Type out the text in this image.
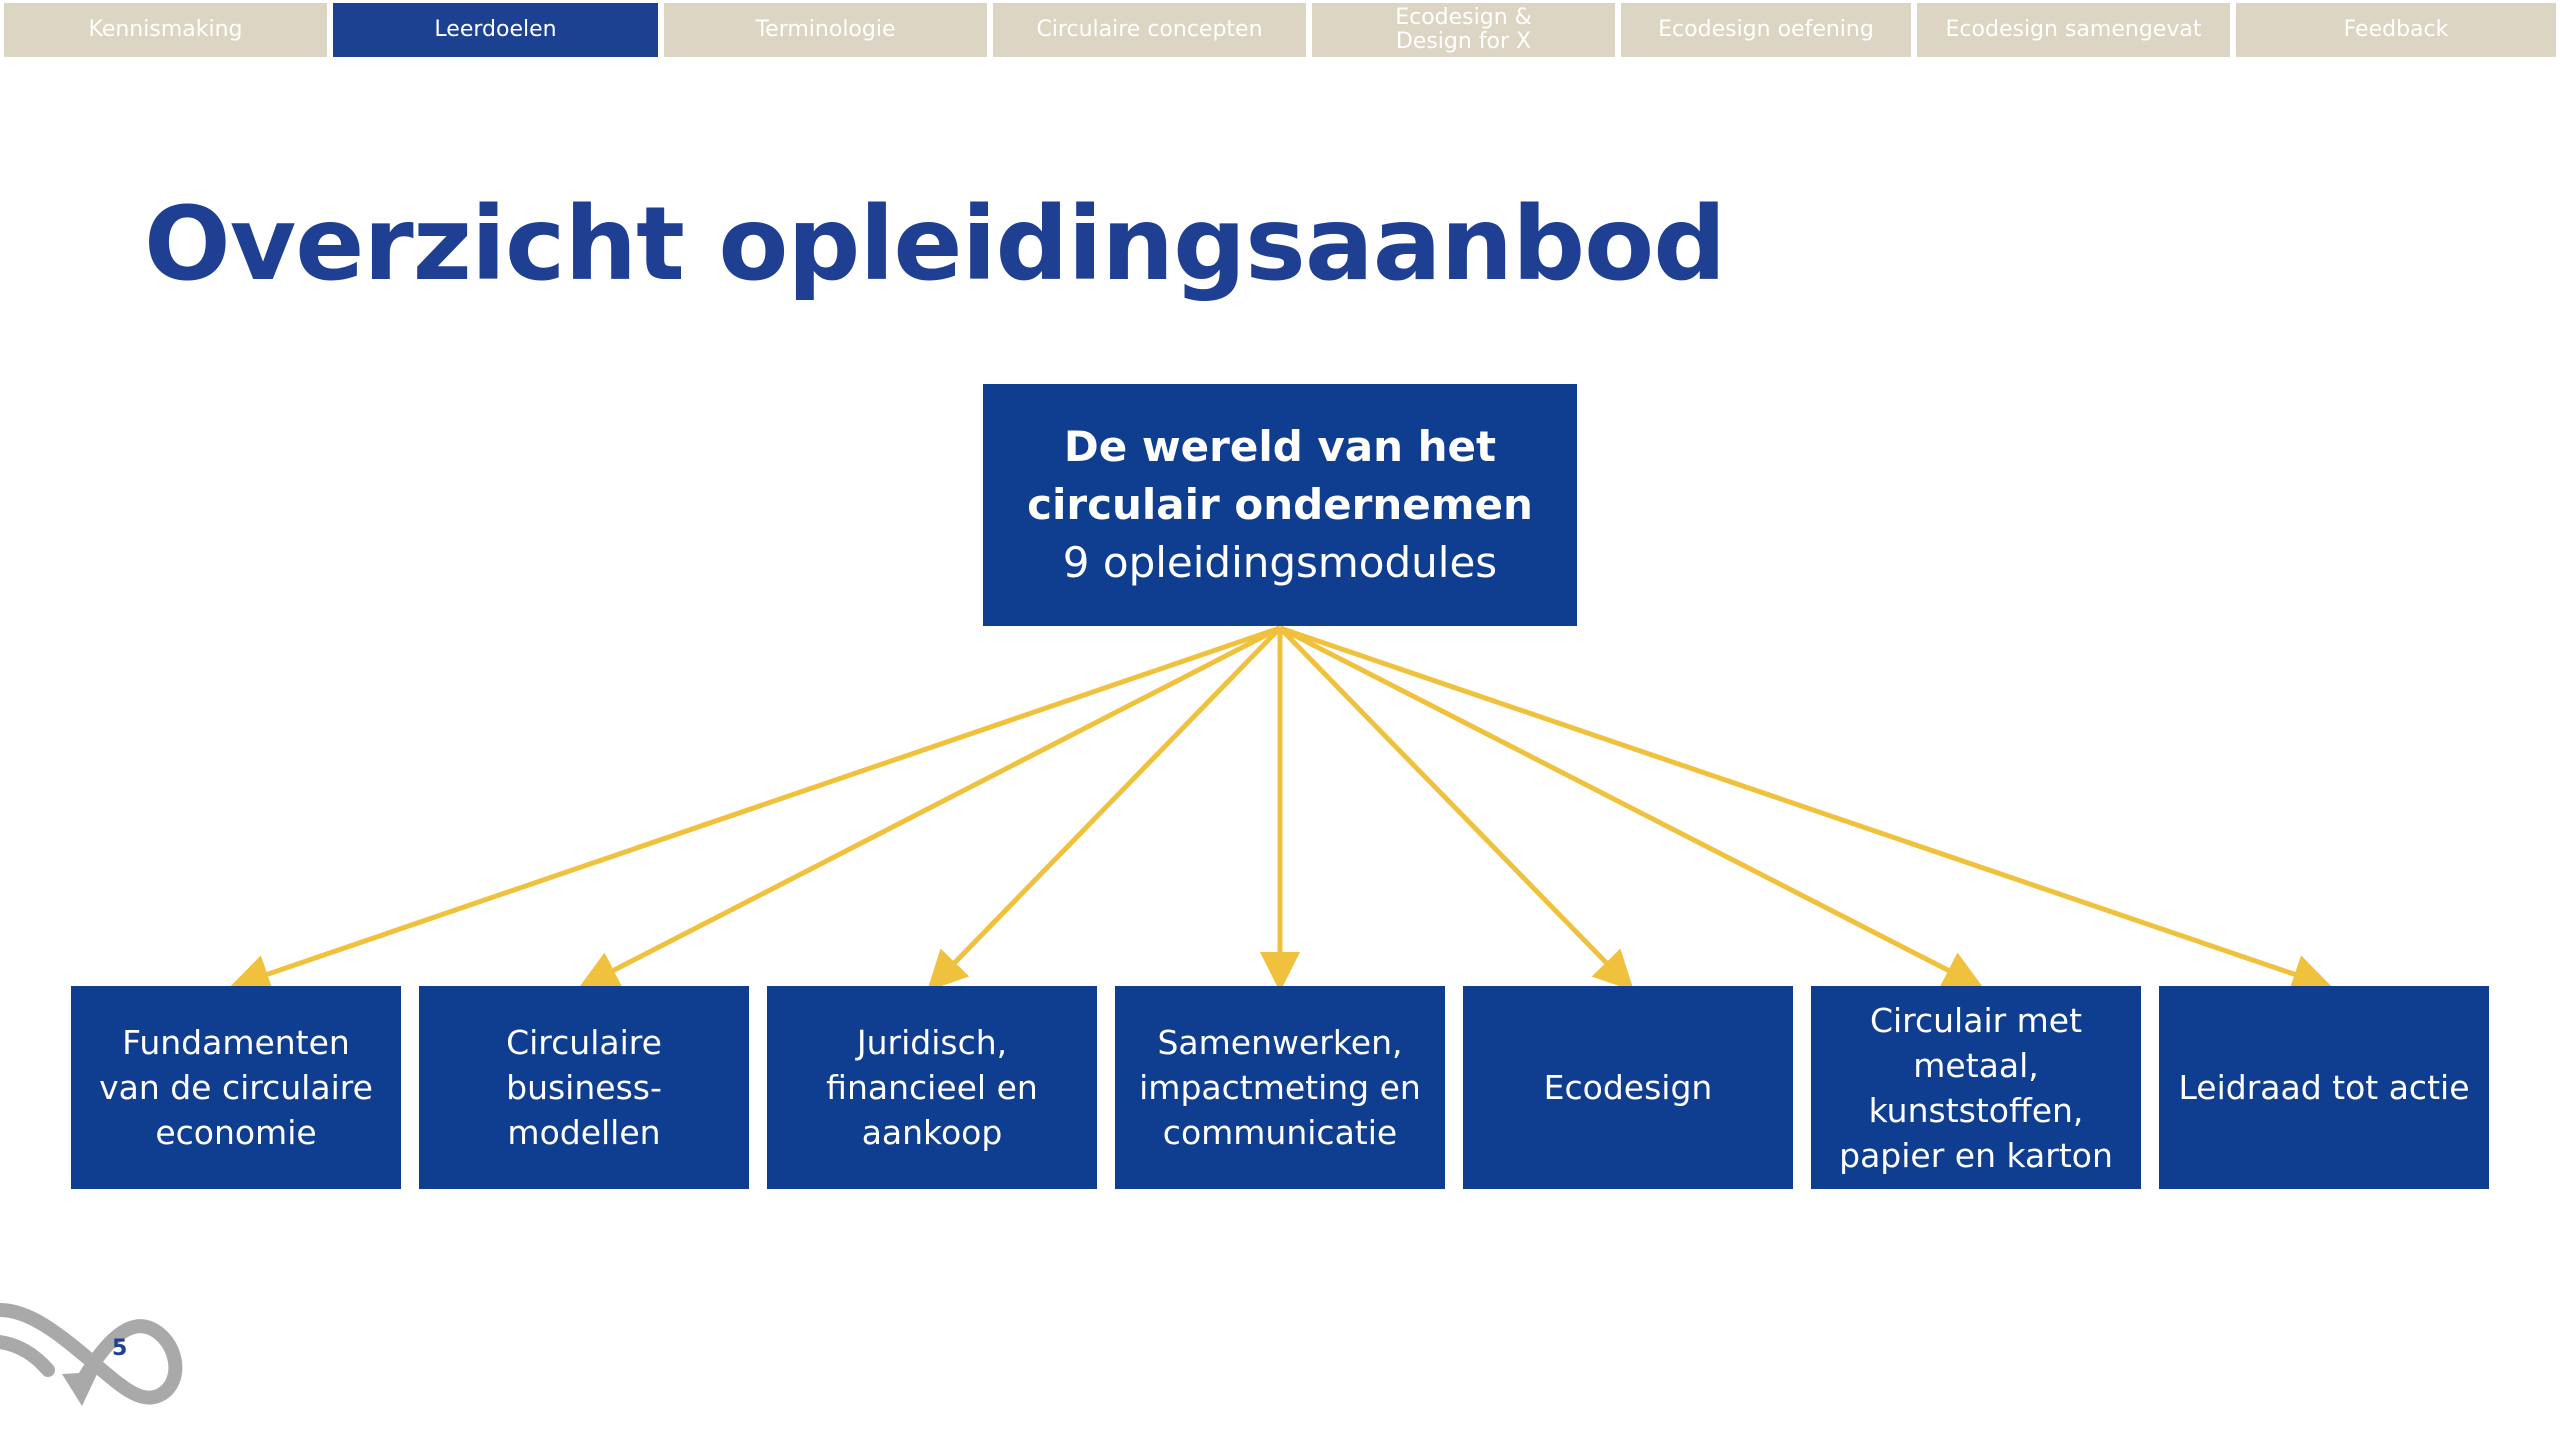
Kennismaking	Leerdoelen	Terminologie	Circulaire concepten	Ecodesign &
Design for X	Ecodesign oefening	Ecodesign samengevat	Feedback
Overzicht opleidingsaanbod
De wereld van het circulair ondernemen
9 opleidingsmodules
Fundamenten van de circulaire economie
Circulaire business-modellen
Juridisch, financieel en aankoop
Samenwerken, impactmeting en communicatie
Ecodesign
Circulair met metaal, kunststoffen, papier en karton
Leidraad tot actie
5
